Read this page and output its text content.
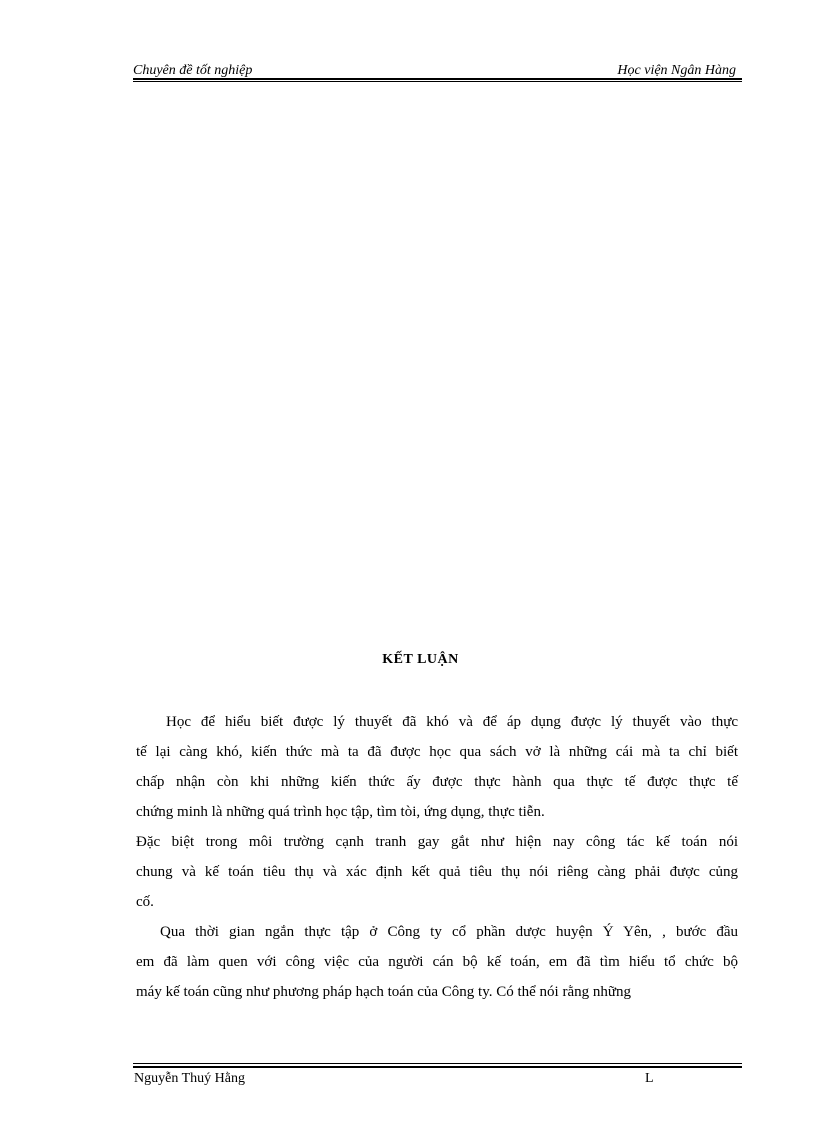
Chuyên đề tốt nghiệp	Học viện Ngân Hàng
KẾT LUẬN
Học để hiểu biết được lý thuyết đã khó và để áp dụng được lý thuyết vào thực
tế lại càng khó, kiến thức mà ta đã được học qua sách vở là những cái mà ta chỉ biết
chấp nhận còn khi những kiến thức ấy được thực hành qua thực tế được thực tế
chứng minh là những quá trình học tập, tìm tòi, ứng dụng, thực tiễn.
Đặc biệt trong môi trường cạnh tranh gay gắt như hiện nay công tác kế toán nói
chung và kế toán tiêu thụ và xác định kết quả tiêu thụ nói riêng càng phải được củng
cố.
Qua thời gian ngắn thực tập ở Công ty cổ phần dược huyện Ý Yên, , bước đầu
em đã làm quen với công việc của người cán bộ kế toán, em đã tìm hiểu tổ chức bộ
máy kế toán cũng như phương pháp hạch toán của Công ty. Có thể nói rằng những
Nguyễn Thuý Hằng	L
